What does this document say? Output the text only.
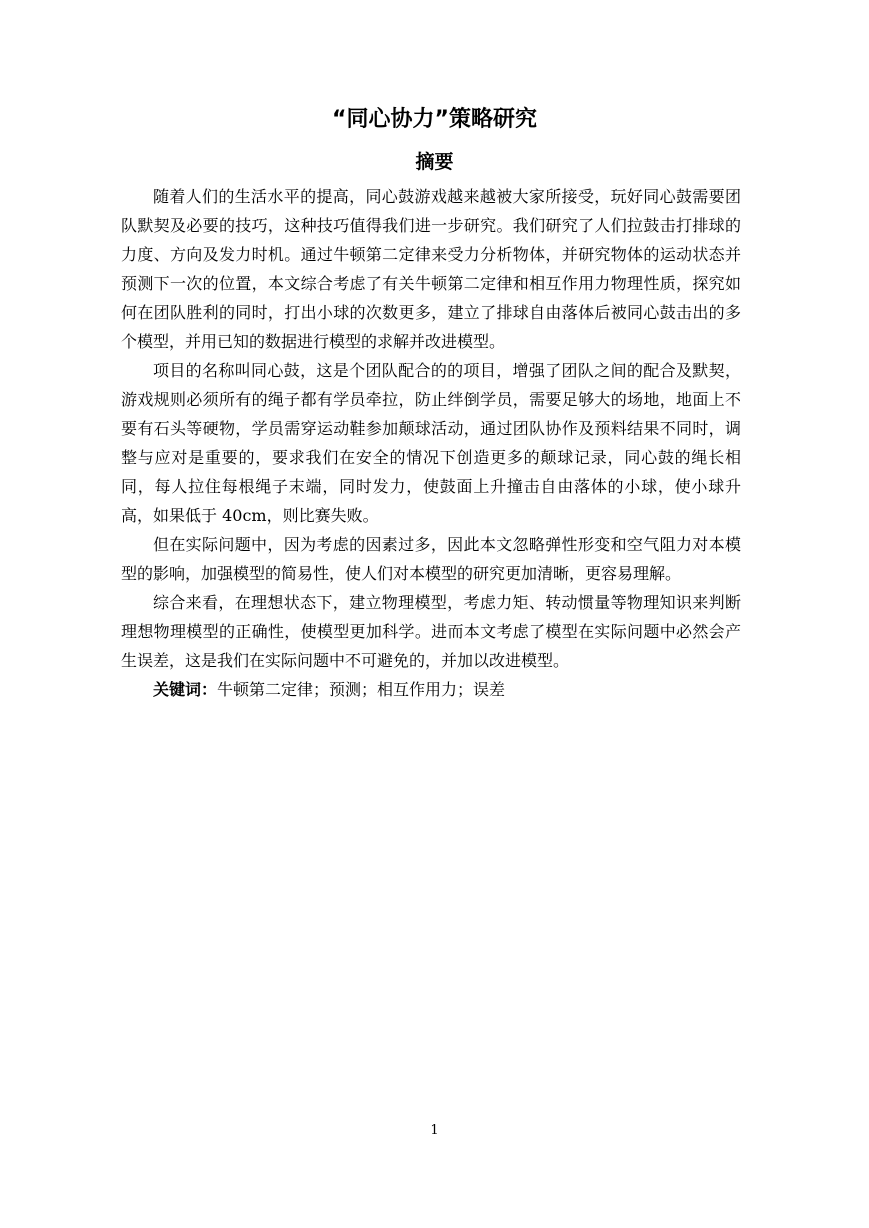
“同心协力”策略研究
摘要

随着人们的生活水平的提高，同心鼓游戏越来越被大家所接受，玩好同心鼓需要团队默契及必要的技巧，这种技巧值得我们进一步研究。我们研究了人们拉鼓击打排球的力度、方向及发力时机。通过牛顿第二定律来受力分析物体，并研究物体的运动状态并预测下一次的位置，本文综合考虑了有关牛顿第二定律和相互作用力物理性质，探究如何在团队胜利的同时，打出小球的次数更多，建立了排球自由落体后被同心鼓击出的多个模型，并用已知的数据进行模型的求解并改进模型。

项目的名称叫同心鼓，这是个团队配合的的项目，增强了团队之间的配合及默契，游戏规则必须所有的绳子都有学员牵拉，防止绊倒学员，需要足够大的场地，地面上不要有石头等硬物，学员需穿运动鞋参加颠球活动，通过团队协作及预料结果不同时，调整与应对是重要的，要求我们在安全的情况下创造更多的颠球记录，同心鼓的绳长相同，每人拉住每根绳子末端，同时发力，使鼓面上升撞击自由落体的小球，使小球升高，如果低于 40cm，则比赛失败。

但在实际问题中，因为考虑的因素过多，因此本文忽略弹性形变和空气阻力对本模型的影响，加强模型的简易性，使人们对本模型的研究更加清晰，更容易理解。

综合来看，在理想状态下，建立物理模型，考虑力矩、转动惯量等物理知识来判断理想物理模型的正确性，使模型更加科学。进而本文考虑了模型在实际问题中必然会产生误差，这是我们在实际问题中不可避免的，并加以改进模型。

关键词：牛顿第二定律；预测；相互作用力；误差

1
